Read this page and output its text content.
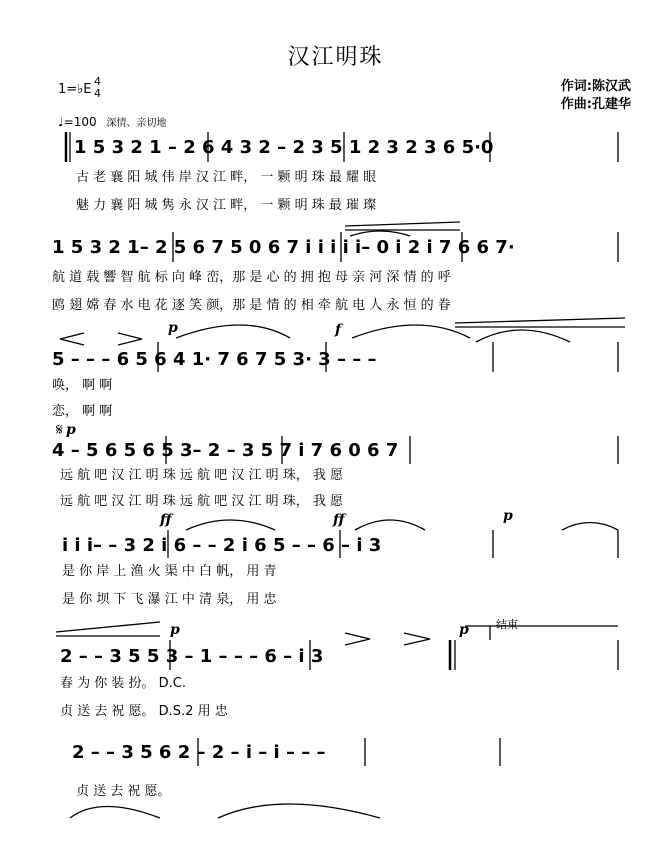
汉江明珠
作词:陈汉武
作曲:孔建华
1=♭E
4
4
♩=100 深情、亲切地
1 5 3 2 1 – 2 6 4 3 2 – 2 3 5 1 2 3 2 3 6 5·0
古 老 襄 阳 城 伟 岸 汉 江 畔， 一 颗 明 珠 最 耀 眼
魅 力 襄 阳 城 隽 永 汉 江 畔， 一 颗 明 珠 最 璀 璨
1 5 3 2 1– 2 5 6 7 5 0 6 7 i i i i i– 0 i 2 i 7 6 6 7·
航 道 载 響 智 航 标 向 峰 峦，那 是 心 的 拥 抱 母 亲 河 深 情 的 呼
鸥 翅 嫦 春 水 电 花 逐 笑 颜，那 是 情 的 相 牵 航 电 人 永 恒 的 眷
5 – – – 6 5 6 4 1· 7 6 7 5 3· 3 – – –
唤， 啊 啊
恋， 啊 啊
4 – 5 6 5 6 5 3– 2 – 3 5 7 i 7 6 0 6 7
远 航 吧 汉 江 明 珠 远 航 吧 汉 江 明 珠， 我 愿
远 航 吧 汉 江 明 珠 远 航 吧 汉 江 明 珠， 我 愿
i i i– – 3 2 i 6 – – 2 i 6 5 – – 6 – i 3
是 你 岸 上 渔 火 渠 中 白 帆， 用 青
是 你 坝 下 飞 瀑 江 中 清 泉， 用 忠
2 – – 3 5 5 3 – 1 – – – 6 – i 3
春 为 你 装 扮。 D.C.
贞 送 去 祝 愿。 D.S.2 用 忠
2 – – 3 5 6 2 – 2 – i – i – – –
贞 送 去 祝 愿。
p	f
p
ff	ff	p
p	p 结束
𝄋
